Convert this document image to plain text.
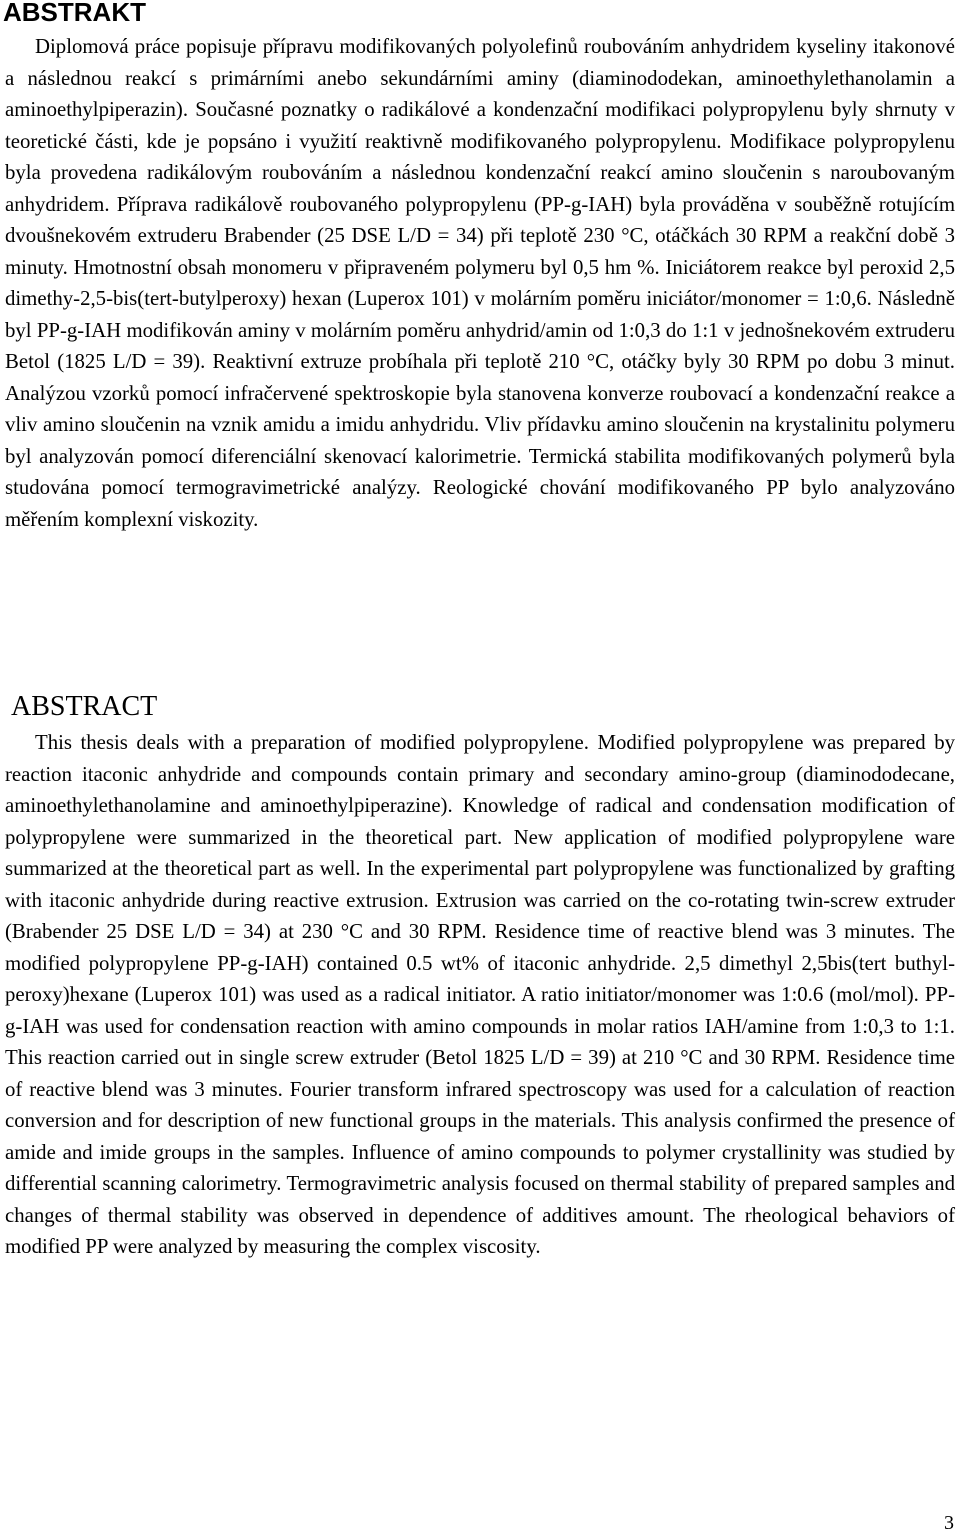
ABSTRAKT

Diplomová práce popisuje přípravu modifikovaných polyolefinů roubováním anhydridem kyseliny itakonové a následnou reakcí s primárními anebo sekundárními aminy (diaminododekan, aminoethylethanolamin a aminoethylpiperazin). Současné poznatky o radikálové a kondenzační modifikaci polypropylenu byly shrnuty v teoretické části, kde je popsáno i využití reaktivně modifikovaného polypropylenu. Modifikace polypropylenu byla provedena radikálovým roubováním a následnou kondenzační reakcí amino sloučenin s naroubovaným anhydridem. Příprava radikálově roubovaného polypropylenu (PP-g-IAH) byla prováděna v souběžně rotujícím dvoušnekovém extruderu Brabender (25 DSE L/D = 34) při teplotě 230 °C, otáčkách 30 RPM a reakční době 3 minuty. Hmotnostní obsah monomeru v připraveném polymeru byl 0,5 hm %. Iniciátorem reakce byl peroxid 2,5 dimethy-2,5-bis(tert-butylperoxy) hexan (Luperox 101) v molárním poměru iniciátor/monomer = 1:0,6. Následně byl PP-g-IAH modifikován aminy v molárním poměru anhydrid/amin od 1:0,3 do 1:1 v jednošnekovém extruderu Betol (1825 L/D = 39). Reaktivní extruze probíhala při teplotě 210 °C, otáčky byly 30 RPM po dobu 3 minut. Analýzou vzorků pomocí infračervené spektroskopie byla stanovena konverze roubovací a kondenzační reakce a vliv amino sloučenin na vznik amidu a imidu anhydridu. Vliv přídavku amino sloučenin na krystalinitu polymeru byl analyzován pomocí diferenciální skenovací kalorimetrie. Termická stabilita modifikovaných polymerů byla studována pomocí termogravimetrické analýzy. Reologické chování modifikovaného PP bylo analyzováno měřením komplexní viskozity.

ABSTRACT

This thesis deals with a preparation of modified polypropylene. Modified polypropylene was prepared by reaction itaconic anhydride and compounds contain primary and secondary amino-group (diaminododecane, aminoethylethanolamine and aminoethylpiperazine). Knowledge of radical and condensation modification of polypropylene were summarized in the theoretical part. New application of modified polypropylene ware summarized at the theoretical part as well. In the experimental part polypropylene was functionalized by grafting with itaconic anhydride during reactive extrusion. Extrusion was carried on the co-rotating twin-screw extruder (Brabender 25 DSE L/D = 34) at 230 °C and 30 RPM. Residence time of reactive blend was 3 minutes. The modified polypropylene PP-g-IAH) contained 0.5 wt% of itaconic anhydride. 2,5 dimethyl 2,5bis(tert buthyl-peroxy)hexane (Luperox 101) was used as a radical initiator. A ratio initiator/monomer was 1:0.6 (mol/mol). PP-g-IAH was used for condensation reaction with amino compounds in molar ratios IAH/amine from 1:0,3 to 1:1. This reaction carried out in single screw extruder (Betol 1825 L/D = 39) at 210 °C and 30 RPM. Residence time of reactive blend was 3 minutes. Fourier transform infrared spectroscopy was used for a calculation of reaction conversion and for description of new functional groups in the materials. This analysis confirmed the presence of amide and imide groups in the samples. Influence of amino compounds to polymer crystallinity was studied by differential scanning calorimetry. Termogravimetric analysis focused on thermal stability of prepared samples and changes of thermal stability was observed in dependence of additives amount. The rheological behaviors of modified PP were analyzed by measuring the complex viscosity.

3
